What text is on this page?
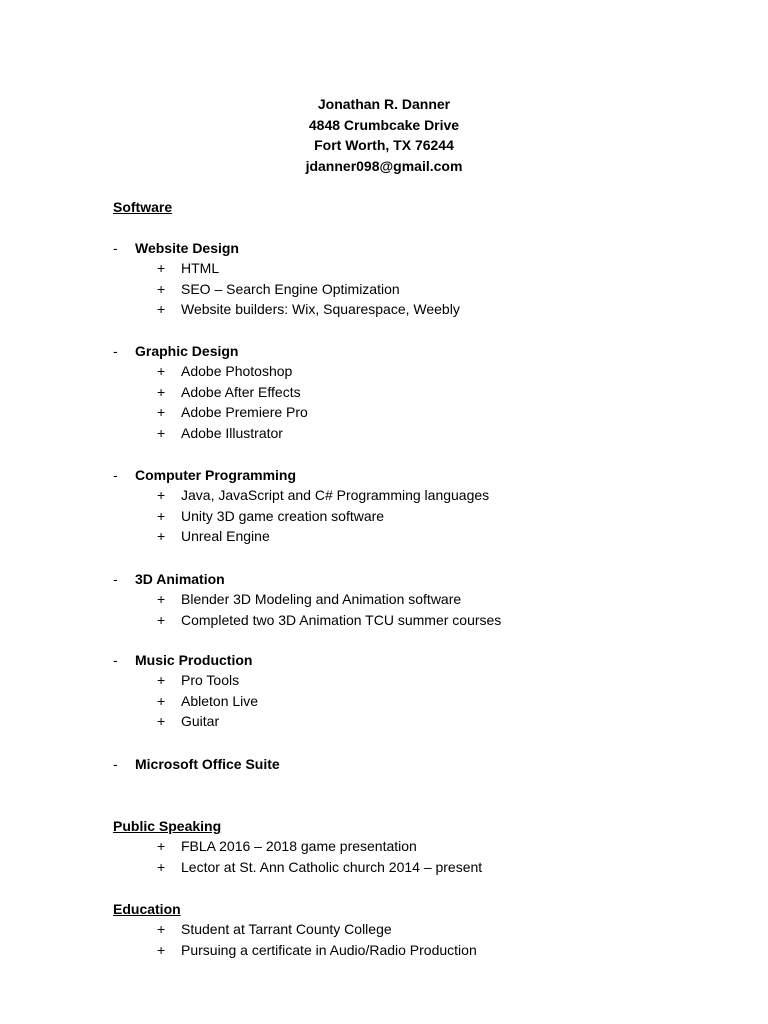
Jonathan R. Danner
4848 Crumbcake Drive
Fort Worth, TX 76244
jdanner098@gmail.com
Software
- Website Design
+ HTML
+ SEO – Search Engine Optimization
+ Website builders: Wix, Squarespace, Weebly
- Graphic Design
+ Adobe Photoshop
+ Adobe After Effects
+ Adobe Premiere Pro
+ Adobe Illustrator
- Computer Programming
+ Java, JavaScript and C# Programming languages
+ Unity 3D game creation software
+ Unreal Engine
- 3D Animation
+ Blender 3D Modeling and Animation software
+ Completed two 3D Animation TCU summer courses
- Music Production
+ Pro Tools
+ Ableton Live
+ Guitar
- Microsoft Office Suite
Public Speaking
+ FBLA 2016 – 2018 game presentation
+ Lector at St. Ann Catholic church 2014 – present
Education
+ Student at Tarrant County College
+ Pursuing a certificate in Audio/Radio Production
